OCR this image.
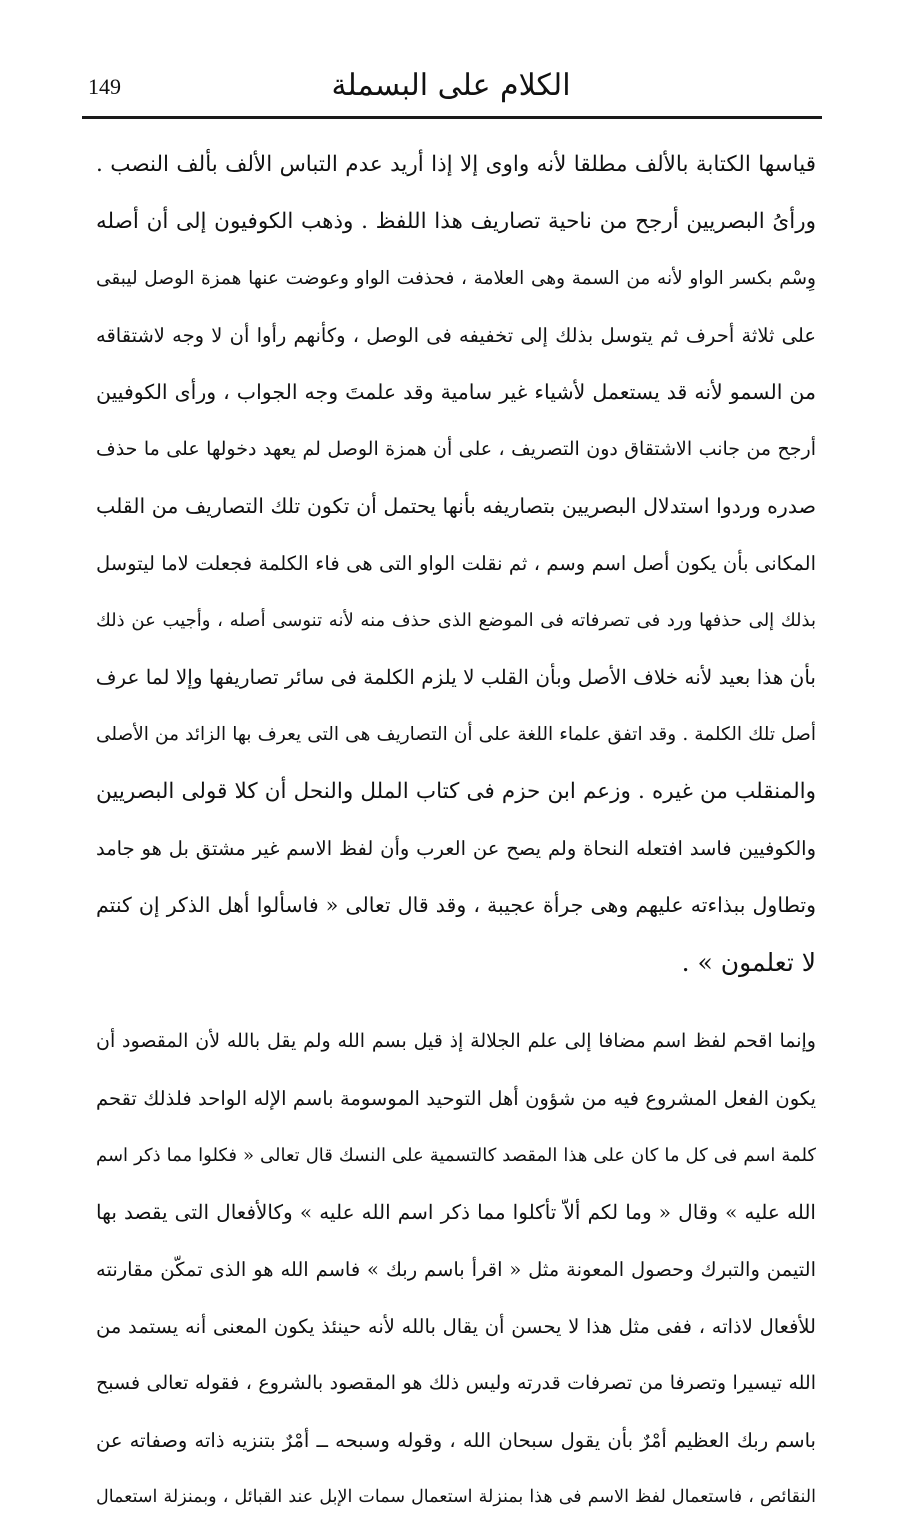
149	الكلام على البسملة
قياسها الكتابة بالألف مطلقا لأنه واوى إلا إذا أريد عدم التباس الألف بألف النصب .
ورأىُ البصريين أرجح من ناحية تصاريف هذا اللفظ . وذهب الكوفيون إلى أن أصله
وِسْم بكسر الواو لأنه من السمة وهى العلامة ، فحذفت الواو وعوضت عنها همزة الوصل ليبقى
على ثلاثة أحرف ثم يتوسل بذلك إلى تخفيفه فى الوصل ، وكأنهم رأوا أن لا وجه لاشتقاقه
من السمو لأنه قد يستعمل لأشياء غير سامية وقد علمتَ وجه الجواب ، ورأى الكوفيين
أرجح من جانب الاشتقاق دون التصريف ، على أن همزة الوصل لم يعهد دخولها على ما حذف
صدره وردوا استدلال البصريين بتصاريفه بأنها يحتمل أن تكون تلك التصاريف من القلب
المكانى بأن يكون أصل اسم وسم ، ثم نقلت الواو التى هى فاء الكلمة فجعلت لاما ليتوسل
بذلك إلى حذفها ورد فى تصرفاته فى الموضع الذى حذف منه لأنه تنوسى أصله ، وأجيب عن ذلك
بأن هذا بعيد لأنه خلاف الأصل وبأن القلب لا يلزم الكلمة فى سائر تصاريفها وإلا لما عرف
أصل تلك الكلمة . وقد اتفق علماء اللغة على أن التصاريف هى التى يعرف بها الزائد من الأصلى
والمنقلب من غيره . وزعم ابن حزم فى كتاب الملل والنحل أن كلا قولى البصريين
والكوفيين فاسد افتعله النحاة ولم يصح عن العرب وأن لفظ الاسم غير مشتق بل هو جامد
وتطاول ببذاءته عليهم وهى جرأة عجيبة ، وقد قال تعالى « فاسألوا أهل الذكر إن كنتم
لا تعلمون » .
وإنما اقحم لفظ اسم مضافا إلى علم الجلالة إذ قيل بسم الله ولم يقل بالله لأن المقصود أن
يكون الفعل المشروع فيه من شؤون أهل التوحيد الموسومة باسم الإله الواحد فلذلك تقحم
كلمة اسم فى كل ما كان على هذا المقصد كالتسمية على النسك قال تعالى « فكلوا مما ذكر اسم
الله عليه » وقال « وما لكم ألاّ تأكلوا مما ذكر اسم الله عليه » وكالأفعال التى يقصد بها
التيمن والتبرك وحصول المعونة مثل « اقرأ باسم ربك » فاسم الله هو الذى تمكّن مقارنته
للأفعال لاذاته ، ففى مثل هذا لا يحسن أن يقال بالله لأنه حينئذ يكون المعنى أنه يستمد من
الله تيسيرا وتصرفا من تصرفات قدرته وليس ذلك هو المقصود بالشروع ، فقوله تعالى فسبح
باسم ربك العظيم أمْرٌ بأن يقول سبحان الله ، وقوله وسبحه ــ أمْرٌ بتنزيه ذاته وصفاته عن
النقائص ، فاستعمال لفظ الاسم فى هذا بمنزلة استعمال سمات الإبل عند القبائل ، وبمنزلة استعمال
